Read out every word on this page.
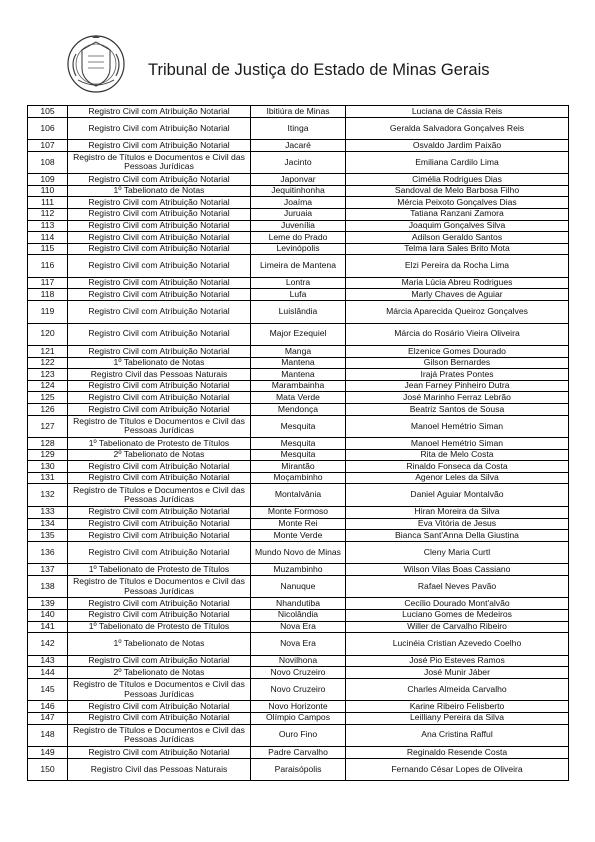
Tribunal de Justiça do Estado de Minas Gerais
105	Registro Civil com Atribuição Notarial	Ibitiúra de Minas	Luciana de Cássia Reis
106	Registro Civil com Atribuição Notarial	Itinga	Geralda Salvadora Gonçalves Reis
107	Registro Civil com Atribuição Notarial	Jacaré	Osvaldo Jardim Paixão
108	Registro de Títulos e Documentos e Civil das Pessoas Jurídicas	Jacinto	Emiliana Cardilo Lima
109	Registro Civil com Atribuição Notarial	Japonvar	Cimélia Rodrigues Dias
110	1º Tabelionato de Notas	Jequitinhonha	Sandoval de Melo Barbosa Filho
111	Registro Civil com Atribuição Notarial	Joaíma	Mércia Peixoto Gonçalves Dias
112	Registro Civil com Atribuição Notarial	Juruaia	Tatiana Ranzani Zamora
113	Registro Civil com Atribuição Notarial	Juvenília	Joaquim Gonçalves Silva
114	Registro Civil com Atribuição Notarial	Leme do Prado	Adilson Geraldo Santos
115	Registro Civil com Atribuição Notarial	Levinópolis	Telma Iara Sales Brito Mota
116	Registro Civil com Atribuição Notarial	Limeira de Mantena	Elzi Pereira da Rocha Lima
117	Registro Civil com Atribuição Notarial	Lontra	Maria Lúcia Abreu Rodrigues
118	Registro Civil com Atribuição Notarial	Lufa	Marly Chaves de Aguiar
119	Registro Civil com Atribuição Notarial	Luislândia	Márcia Aparecida Queiroz Gonçalves
120	Registro Civil com Atribuição Notarial	Major Ezequiel	Márcia do Rosário Vieira Oliveira
121	Registro Civil com Atribuição Notarial	Manga	Elzenice Gomes Dourado
122	1º Tabelionato de Notas	Mantena	Gilson Bernardes
123	Registro Civil das Pessoas Naturais	Mantena	Irajá Prates Pontes
124	Registro Civil com Atribuição Notarial	Marambainha	Jean Farney Pinheiro Dutra
125	Registro Civil com Atribuição Notarial	Mata Verde	José Marinho Ferraz Lebrão
126	Registro Civil com Atribuição Notarial	Mendonça	Beatriz Santos de Sousa
127	Registro de Títulos e Documentos e Civil das Pessoas Jurídicas	Mesquita	Manoel Hemétrio Siman
128	1º Tabelionato de Protesto de Títulos	Mesquita	Manoel Hemétrio Siman
129	2º Tabelionato de Notas	Mesquita	Rita de Melo Costa
130	Registro Civil com Atribuição Notarial	Mirantão	Rinaldo Fonseca da Costa
131	Registro Civil com Atribuição Notarial	Moçambinho	Agenor Leles da Silva
132	Registro de Títulos e Documentos e Civil das Pessoas Jurídicas	Montalvânia	Daniel Aguiar Montalvão
133	Registro Civil com Atribuição Notarial	Monte Formoso	Hiran Moreira da Silva
134	Registro Civil com Atribuição Notarial	Monte Rei	Eva Vitória de Jesus
135	Registro Civil com Atribuição Notarial	Monte Verde	Bianca Sant'Anna Della Giustina
136	Registro Civil com Atribuição Notarial	Mundo Novo de Minas	Cleny Maria Curtl
137	1º Tabelionato de Protesto de Títulos	Muzambinho	Wilson Vilas Boas Cassiano
138	Registro de Títulos e Documentos e Civil das Pessoas Jurídicas	Nanuque	Rafael Neves Pavão
139	Registro Civil com Atribuição Notarial	Nhandutiba	Cecílio Dourado Mont'alvão
140	Registro Civil com Atribuição Notarial	Nicolândia	Luciano Gomes de Medeiros
141	1º Tabelionato de Protesto de Títulos	Nova Era	Willer de Carvalho Ribeiro
142	1º Tabelionato de Notas	Nova Era	Lucinéia Cristian Azevedo Coelho
143	Registro Civil com Atribuição Notarial	Novilhona	José Pio Esteves Ramos
144	2º Tabelionato de Notas	Novo Cruzeiro	José Munir Jáber
145	Registro de Títulos e Documentos e Civil das Pessoas Jurídicas	Novo Cruzeiro	Charles Almeida Carvalho
146	Registro Civil com Atribuição Notarial	Novo Horizonte	Karine Ribeiro Felisberto
147	Registro Civil com Atribuição Notarial	Olímpio Campos	Leilliany Pereira da Silva
148	Registro de Títulos e Documentos e Civil das Pessoas Jurídicas	Ouro Fino	Ana Cristina Rafful
149	Registro Civil com Atribuição Notarial	Padre Carvalho	Reginaldo Resende Costa
150	Registro Civil das Pessoas Naturais	Paraisópolis	Fernando César Lopes de Oliveira
